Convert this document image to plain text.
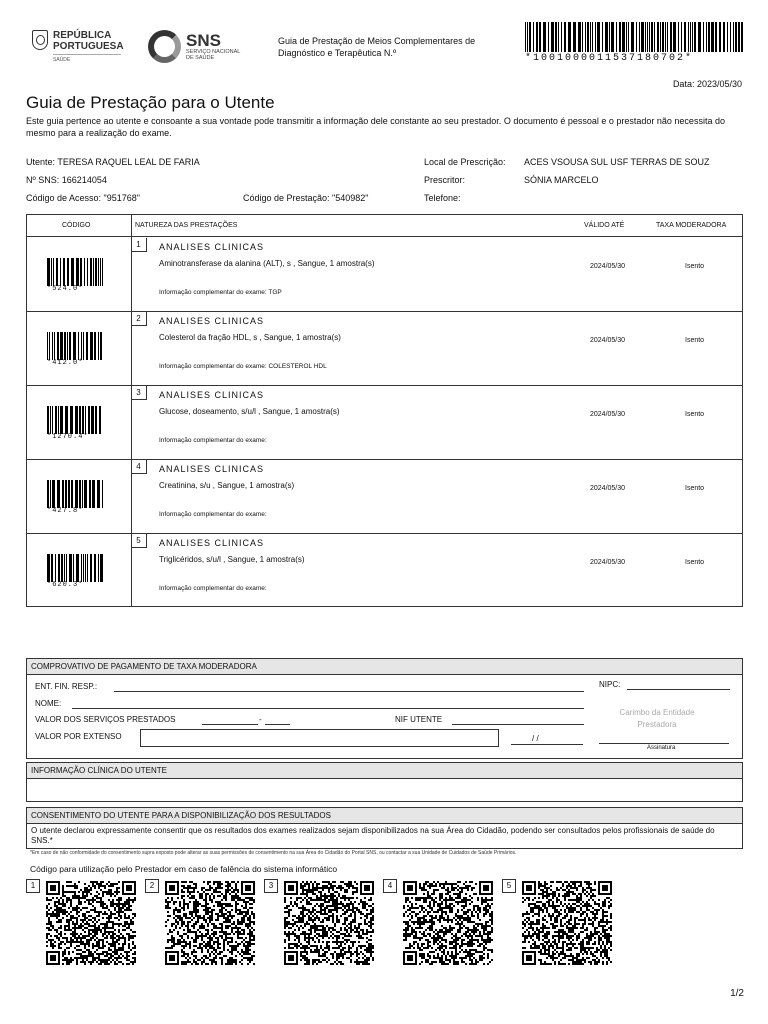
REPÚBLICA
PORTUGUESA
SAÚDE
SNS
SERVIÇO NACIONAL
DE SAÚDE
Guia de Prestação de Meios Complementares de
Diagnóstico e Terapêutica N.º	*1001000011537180702*
Data: 2023/05/30
Guia de Prestação para o Utente
Este guia pertence ao utente e consoante a sua vontade pode transmitir a informação dele constante ao seu prestador. O documento é pessoal e o prestador não necessita do mesmo para a realização do exame.
Utente: TERESA RAQUEL LEAL DE FARIA
Nº SNS: 166214054
Código de Acesso: "951768"	Código de Prestação: "540982"
Local de Prescrição: ACES VSOUSA SUL USF TERRAS DE SOUZ
Prescritor:	SÓNIA MARCELO
Telefone:
CÓDIGO	NATUREZA DAS PRESTAÇÕES	VÁLIDO ATÉ	TAXA MODERADORA
*524.0*
1	ANALISES CLINICAS
Aminotransferase da alanina (ALT), s , Sangue, 1 amostra(s)
Informação complementar do exame: TGP
2024/05/30	Isento
*412.0*
2	ANALISES CLINICAS
Colesterol da fração HDL, s , Sangue, 1 amostra(s)
Informação complementar do exame: COLESTEROL HDL
2024/05/30	Isento
*1270.4*
3	ANALISES CLINICAS
Glucose, doseamento, s/u/l , Sangue, 1 amostra(s)
Informação complementar do exame:
2024/05/30	Isento
*427.8*
4	ANALISES CLINICAS
Creatinina, s/u , Sangue, 1 amostra(s)
Informação complementar do exame:
2024/05/30	Isento
*620.3*
5	ANALISES CLINICAS
Triglicéridos, s/u/l , Sangue, 1 amostra(s)
Informação complementar do exame:
2024/05/30	Isento
COMPROVATIVO DE PAGAMENTO DE TAXA MODERADORA
ENT. FIN. RESP.:	NIPC:
NOME:
VALOR DOS SERVIÇOS PRESTADOS	-	NIF UTENTE
Carimbo da Entidade
Prestadora
VALOR POR EXTENSO	/ /
Assinatura
INFORMAÇÃO CLÍNICA DO UTENTE
CONSENTIMENTO DO UTENTE PARA A DISPONIBILIZAÇÃO DOS RESULTADOS
O utente declarou expressamente consentir que os resultados dos exames realizados sejam disponibilizados na sua Área do Cidadão, podendo ser consultados pelos profissionais de saúde do SNS.*
*Em caso de não conformidade do consentimento supra exposto pode alterar as suas permissões de consentimento na sua Área do Cidadão do Portal SNS, ou contactar a sua Unidade de Cuidados de Saúde Primários.
Código para utilização pelo Prestador em caso de falência do sistema informático
1	2	3	4	5
1/2
